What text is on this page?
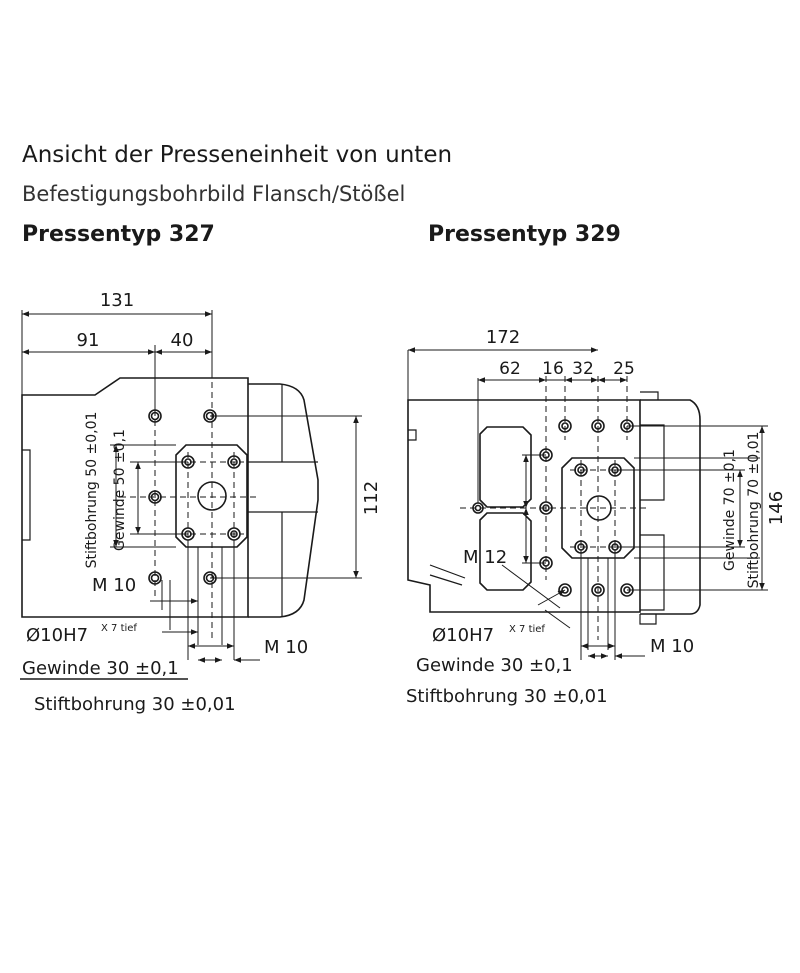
Ansicht der Presseneinheit von unten
Befestigungsbohrbild Flansch/Stößel
Pressentyp 327	Pressentyp 329
131
91	40
112
Stiftbohrung 50 ±0,01 Gewinde 50 ±0,1
M 10
Ø10H7 X 7 tief
M 10
Gewinde 30 ±0,1
Stiftbohrung 30 ±0,01
172
62 16 32 25
146
Gewinde 70 ±0,1 Stiftbohrung 70 ±0,01
M 12
Ø10H7 X 7 tief
M 10
Gewinde 30 ±0,1
Stiftbohrung 30 ±0,01
